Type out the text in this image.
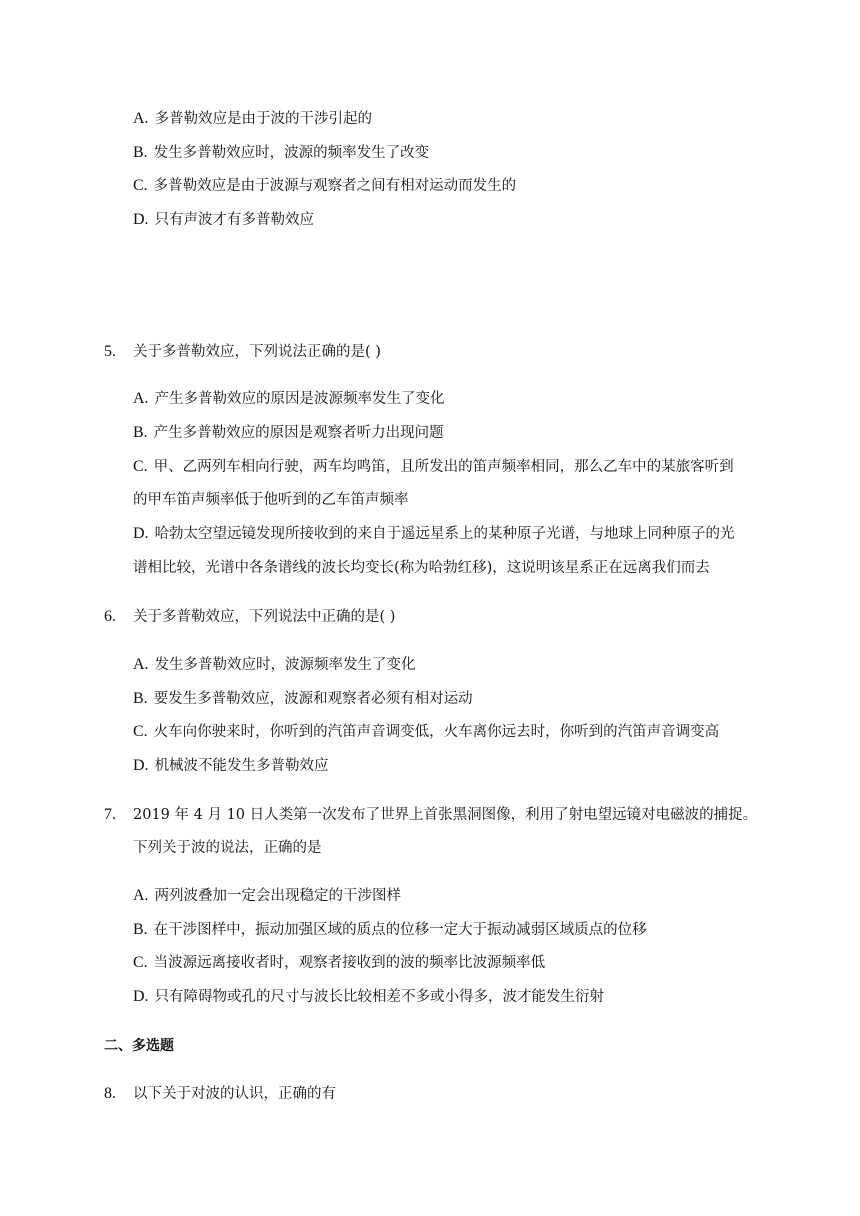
A. 多普勒效应是由于波的干涉引起的
B. 发生多普勒效应时，波源的频率发生了改变
C. 多普勒效应是由于波源与观察者之间有相对运动而发生的
D. 只有声波才有多普勒效应
5. 关于多普勒效应，下列说法正确的是( )
A. 产生多普勒效应的原因是波源频率发生了变化
B. 产生多普勒效应的原因是观察者听力出现问题
C. 甲、乙两列车相向行驶，两车均鸣笛，且所发出的笛声频率相同，那么乙车中的某旅客听到
的甲车笛声频率低于他听到的乙车笛声频率
D. 哈勃太空望远镜发现所接收到的来自于遥远星系上的某种原子光谱，与地球上同种原子的光
谱相比较，光谱中各条谱线的波长均变长(称为哈勃红移)，这说明该星系正在远离我们而去
6. 关于多普勒效应，下列说法中正确的是( )
A. 发生多普勒效应时，波源频率发生了变化
B. 要发生多普勒效应，波源和观察者必须有相对运动
C. 火车向你驶来时，你听到的汽笛声音调变低，火车离你远去时，你听到的汽笛声音调变高
D. 机械波不能发生多普勒效应
7. 2019 年 4 月 10 日人类第一次发布了世界上首张黑洞图像，利用了射电望远镜对电磁波的捕捉。
下列关于波的说法，正确的是
A. 两列波叠加一定会出现稳定的干涉图样
B. 在干涉图样中，振动加强区域的质点的位移一定大于振动减弱区域质点的位移
C. 当波源远离接收者时，观察者接收到的波的频率比波源频率低
D. 只有障碍物或孔的尺寸与波长比较相差不多或小得多，波才能发生衍射
二、多选题
8. 以下关于对波的认识，正确的有
